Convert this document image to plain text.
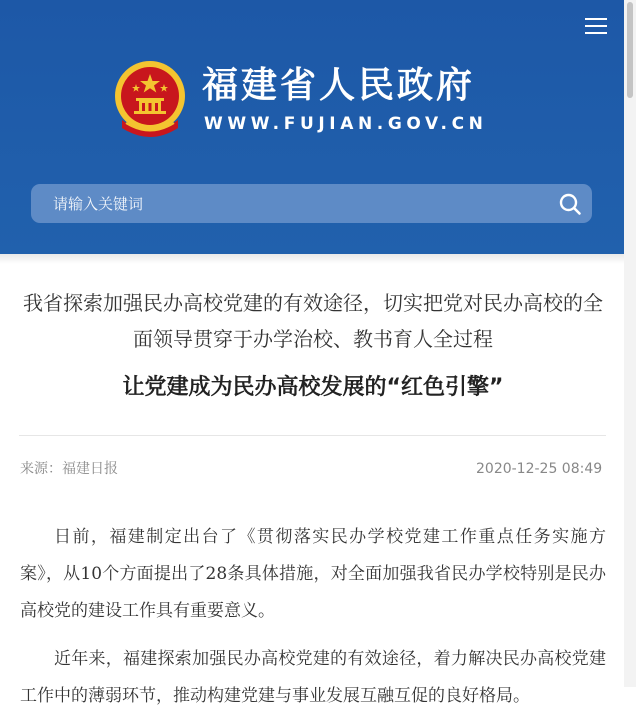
福建省人民政府
WWW.FUJIAN.GOV.CN
请输入关键词
我省探索加强民办高校党建的有效途径，切实把党对民办高校的全面领导贯穿于办学治校、教书育人全过程
让党建成为民办高校发展的“红色引擎”
来源：福建日报	2020-12-25 08:49
日前，福建制定出台了《贯彻落实民办学校党建工作重点任务实施方案》，从10个方面提出了28条具体措施，对全面加强我省民办学校特别是民办高校党的建设工作具有重要意义。
近年来，福建探索加强民办高校党建的有效途径，着力解决民办高校党建工作中的薄弱环节，推动构建党建与事业发展互融互促的良好格局。
